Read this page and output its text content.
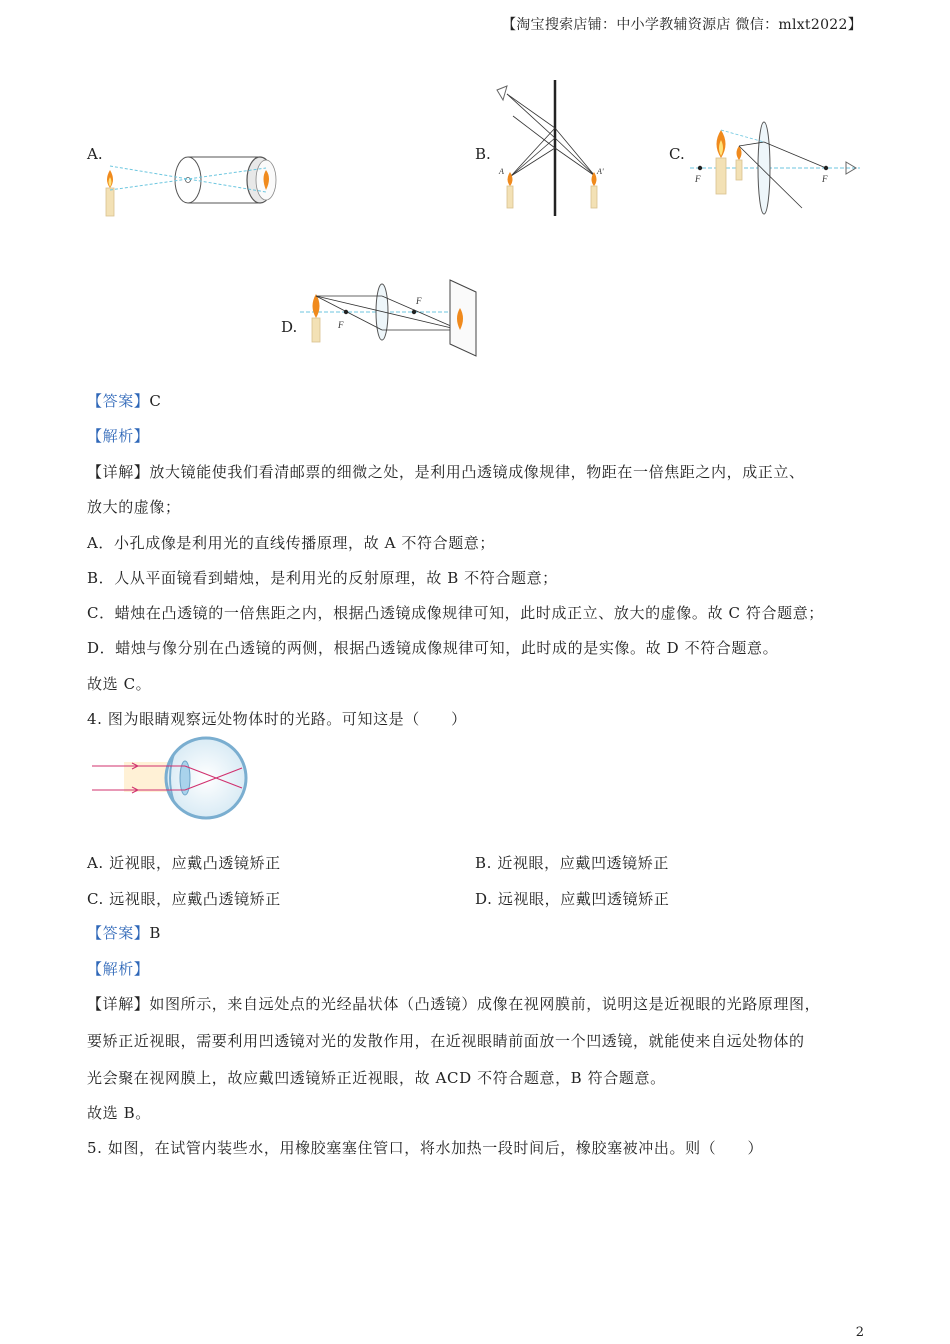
【淘宝搜索店铺：中小学教辅资源店 微信：mlxt2022】
A.	B.
A	A'
C.
F	F
D.	F
F
【答案】C
【解析】
【详解】放大镜能使我们看清邮票的细微之处，是利用凸透镜成像规律，物距在一倍焦距之内，成正立、
放大的虚像；
A．小孔成像是利用光的直线传播原理，故 A 不符合题意；
B．人从平面镜看到蜡烛，是利用光的反射原理，故 B 不符合题意；
C．蜡烛在凸透镜的一倍焦距之内，根据凸透镜成像规律可知，此时成正立、放大的虚像。故 C 符合题意；
D．蜡烛与像分别在凸透镜的两侧，根据凸透镜成像规律可知，此时成的是实像。故 D 不符合题意。
故选 C。
4. 图为眼睛观察远处物体时的光路。可知这是（　　）
A. 近视眼，应戴凸透镜矫正	B. 近视眼，应戴凹透镜矫正
C. 远视眼，应戴凸透镜矫正	D. 远视眼，应戴凹透镜矫正
【答案】B
【解析】
【详解】如图所示，来自远处点的光经晶状体（凸透镜）成像在视网膜前，说明这是近视眼的光路原理图，
要矫正近视眼，需要利用凹透镜对光的发散作用，在近视眼睛前面放一个凹透镜，就能使来自远处物体的
光会聚在视网膜上，故应戴凹透镜矫正近视眼，故 ACD 不符合题意，B 符合题意。
故选 B。
5. 如图，在试管内装些水，用橡胶塞塞住管口，将水加热一段时间后，橡胶塞被冲出。则（　　）
2
